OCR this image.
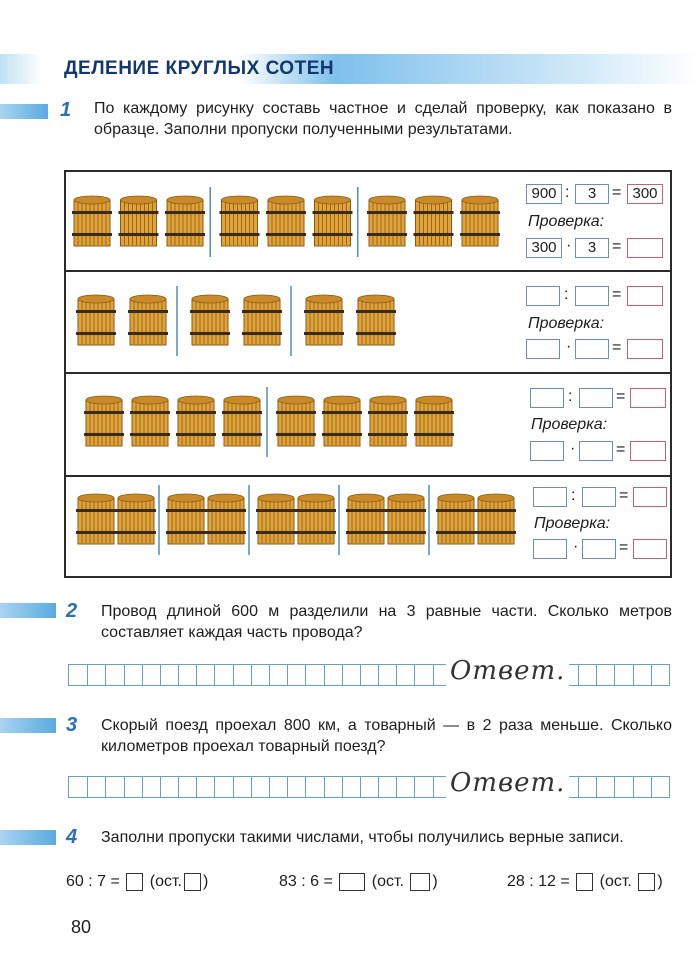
ДЕЛЕНИЕ КРУГЛЫХ СОТЕН
1 По каждому рисунку составь частное и сделай проверку, как показано в образце. Заполни пропуски полученными результатами.
900 :	3 = 300
Проверка:
300 ·	3 =
:	=
Проверка:
·	=
:	=
Проверка:
·	=
:	=
Проверка:
·	=
2 Провод длиной 600 м разделили на 3 равные части. Сколько метров составляет каждая часть провода?
Ответ.
3 Скорый поезд проехал 800 км, а товарный — в 2 раза меньше. Сколько километров проехал товарный поезд?
Ответ.
4 Заполни пропуски такими числами, чтобы получились верные записи.
60 : 7 = (ост. )	83 : 6 = (ост. )	28 : 12 = (ост. )
80
